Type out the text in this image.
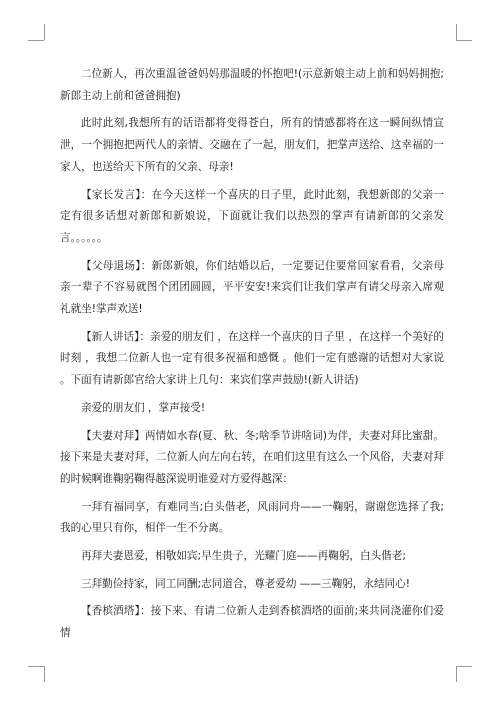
二位新人，再次重温爸爸妈妈那温暖的怀抱吧!(示意新娘主动上前和妈妈拥抱;新郎主动上前和爸爸拥抱)

此时此刻,我想所有的话语都将变得苍白，所有的情感都将在这一瞬间纵情宣泄，一个拥抱把两代人的亲情、交融在了一起，朋友们，把掌声送给、这幸福的一家人，也送给天下所有的父亲、母亲!

【家长发言】：在今天这样一个喜庆的日子里，此时此刻，我想新郎的父亲一定有很多话想对新郎和新娘说，下面就让我们以热烈的掌声有请新郎的父亲发言。。。。。。

【父母退场】：新郎新娘，你们结婚以后，一定要记住要常回家看看，父亲母亲一辈子不容易就图个团团圆圆，平平安安!来宾们让我们掌声有请父母亲入席观礼就坐!掌声欢送!

【新人讲话】：亲爱的朋友们 ，在这样一个喜庆的日子里 ，在这样一个美好的时刻 ，我想二位新人也一定有很多祝福和感慨 。他们一定有感谢的话想对大家说 。下面有请新郎官给大家讲上几句：来宾们掌声鼓励!(新人讲话)

亲爱的朋友们 ，掌声接受!

【夫妻对拜】两情如水春(夏、秋、冬;啥季节讲啥词)为伴，夫妻对拜比蜜甜。接下来是夫妻对拜，二位新人向左向右转，在咱们这里有这么一个风俗，夫妻对拜的时候啊谁鞠躬鞠得越深说明谁爱对方爱得越深：

一拜有福同享，有难同当;白头偕老，风雨同舟——一鞠躬，谢谢您选择了我;我的心里只有你，相伴一生不分离。

再拜夫妻恩爱，相敬如宾;早生贵子，光耀门庭——再鞠躬，白头偕老;

三拜勤俭持家，同工同酬;志同道合，尊老爱幼 ——三鞠躬，永结同心!

【香槟酒塔】：接下来、有请二位新人走到香槟酒塔的面前;来共同浇灌你们爱情
